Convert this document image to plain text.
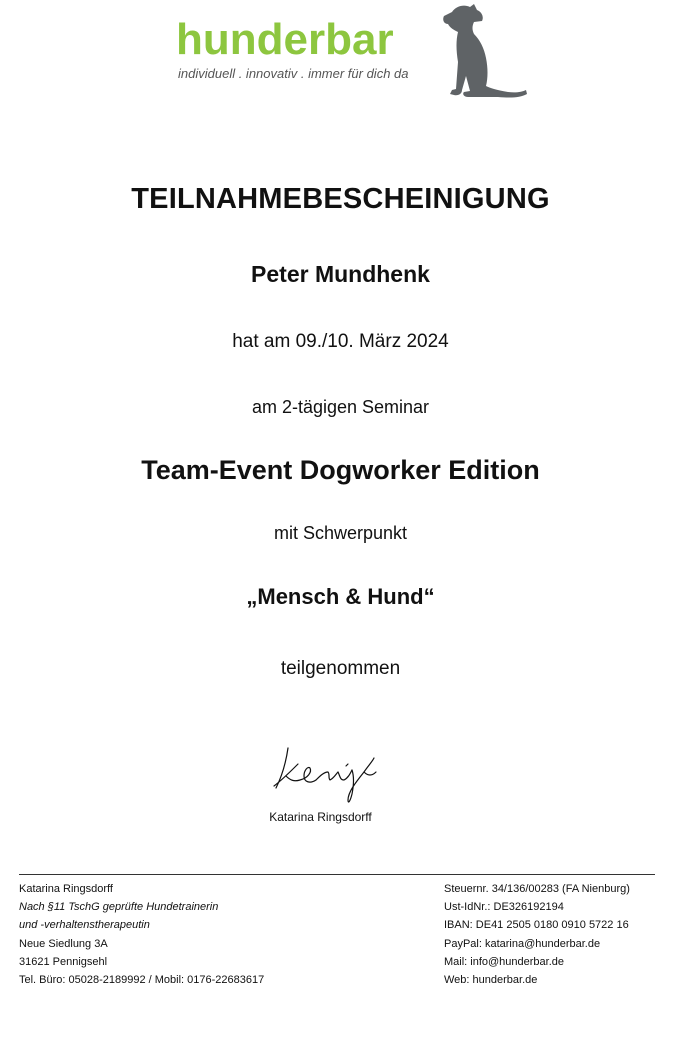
hunderbar
individuell . innovativ . immer für dich da
TEILNAHMEBESCHEINIGUNG
Peter Mundhenk
hat am 09./10. März 2024
am 2-tägigen Seminar
Team-Event Dogworker Edition
mit Schwerpunkt
„Mensch & Hund“
teilgenommen
Katarina Ringsdorff
Katarina Ringsdorff
Nach §11 TschG geprüfte Hundetrainerin
und -verhaltenstherapeutin
Neue Siedlung 3A
31621 Pennigsehl
Tel. Büro: 05028-2189992 / Mobil: 0176-22683617
Steuernr. 34/136/00283 (FA Nienburg)
Ust-IdNr.: DE326192194
IBAN: DE41 2505 0180 0910 5722 16
PayPal: katarina@hunderbar.de
Mail: info@hunderbar.de
Web: hunderbar.de
